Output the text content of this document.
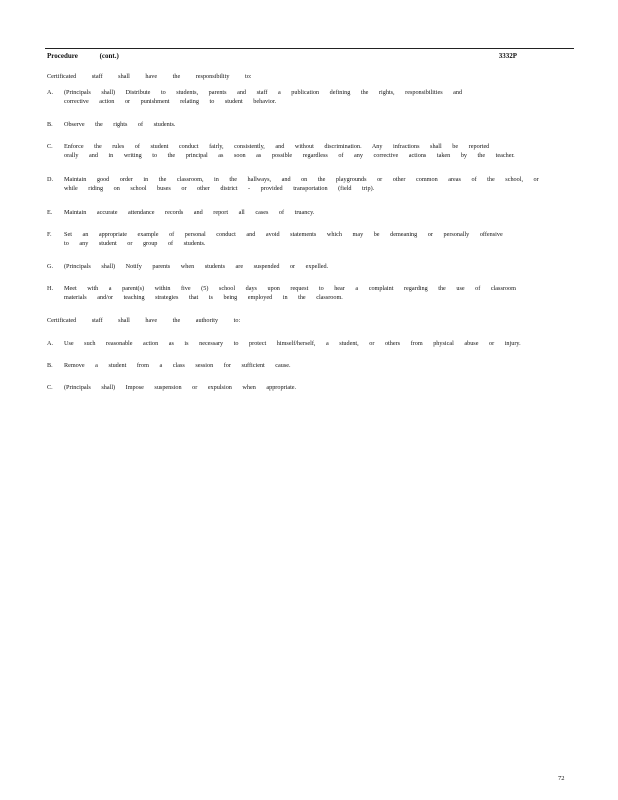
Procedure (cont.)	3332P
Certificated staff shall have the responsibility to:
A.	(Principals shall) Distribute to students, parents and staff a publication defining the rights, responsibilities and
corrective action or punishment relating to student behavior.
B.	Observe the rights of students.
C.	Enforce the rules of student conduct fairly, consistently, and without discrimination. Any infractions shall be reported
orally and in writing to the principal as soon as possible regardless of any corrective actions taken by the teacher.
D.	Maintain good order in the classroom, in the hallways, and on the playgrounds or other common areas of the school, or
while riding on school buses or other district - provided transportation (field trip).
E.	Maintain accurate attendance records and report all cases of truancy.
F.	Set an appropriate example of personal conduct and avoid statements which may be demeaning or personally offensive
to any student or group of students.
G.	(Principals shall) Notify parents when students are suspended or expelled.
H.	Meet with a parent(s) within five (5) school days upon request to hear a complaint regarding the use of classroom
materials and/or teaching strategies that is being employed in the classroom.
Certificated staff shall have the authority to:
A.	Use such reasonable action as is necessary to protect himself/herself, a student, or others from physical abuse or injury.
B.	Remove a student from a class session for sufficient cause.
C.	(Principals shall) Impose suspension or expulsion when appropriate.
72
